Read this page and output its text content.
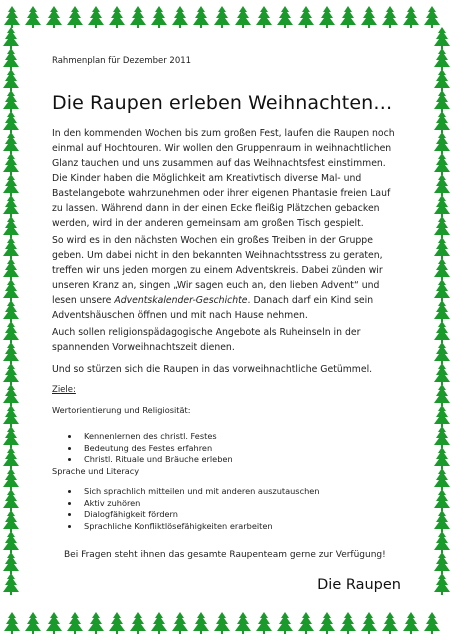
Rahmenplan für Dezember 2011
Die Raupen erleben Weihnachten…
In den kommenden Wochen bis zum großen Fest, laufen die Raupen noch einmal auf Hochtouren. Wir wollen den Gruppenraum in weihnachtlichen Glanz tauchen und uns zusammen auf das Weihnachtsfest einstimmen. Die Kinder haben die Möglichkeit am Kreativtisch diverse Mal- und Bastelangebote wahrzunehmen oder ihrer eigenen Phantasie freien Lauf zu lassen. Während dann in der einen Ecke fleißig Plätzchen gebacken werden, wird in der anderen gemeinsam am großen Tisch gespielt.
So wird es in den nächsten Wochen ein großes Treiben in der Gruppe geben. Um dabei nicht in den bekannten Weihnachtsstress zu geraten, treffen wir uns jeden morgen zu einem Adventskreis. Dabei zünden wir unseren Kranz an, singen „Wir sagen euch an, den lieben Advent“ und lesen unsere Adventskalender-Geschichte. Danach darf ein Kind sein Adventshäuschen öffnen und mit nach Hause nehmen.
Auch sollen religionspädagogische Angebote als Ruheinseln in der spannenden Vorweihnachtszeit dienen.
Und so stürzen sich die Raupen in das vorweihnachtliche Getümmel.
Ziele:
Wertorientierung und Religiosität:
• Kennenlernen des christl. Festes
• Bedeutung des Festes erfahren
• Christl. Rituale und Bräuche erleben
Sprache und Literacy
• Sich sprachlich mitteilen und mit anderen auszutauschen
• Aktiv zuhören
• Dialogfähigkeit fördern
• Sprachliche Konfliktlösefähigkeiten erarbeiten
Bei Fragen steht ihnen das gesamte Raupenteam gerne zur Verfügung!
Die Raupen
